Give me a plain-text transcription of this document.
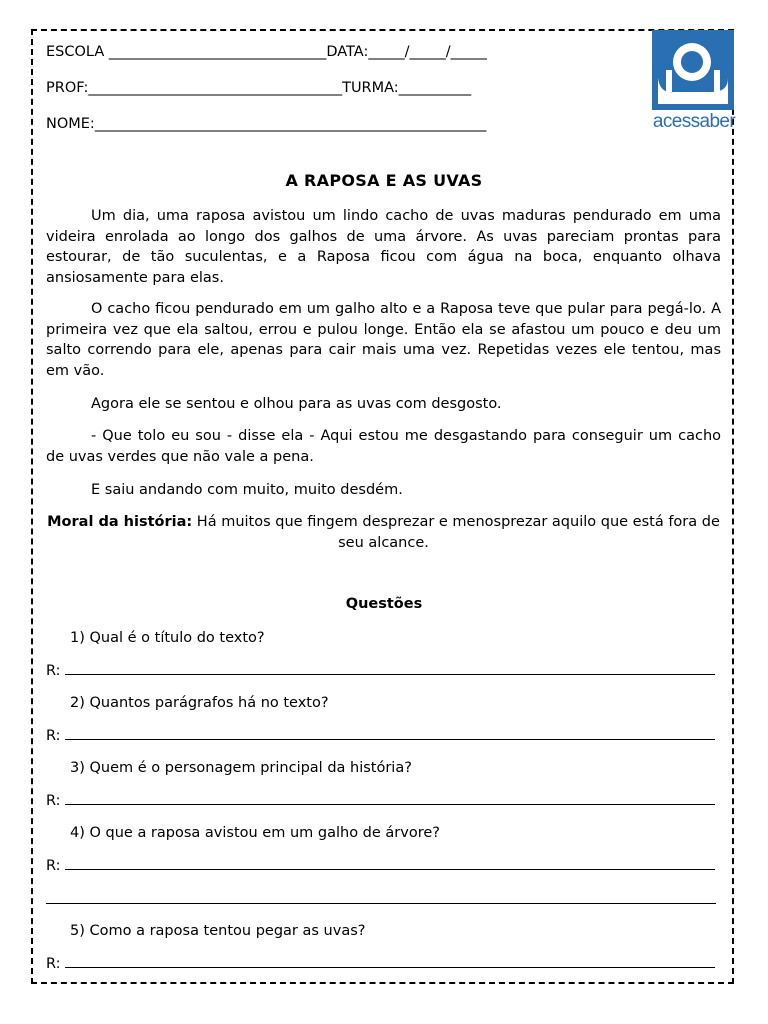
ESCOLA ______________________________DATA:_____/_____/_____
PROF:___________________________________TURMA:__________
NOME:______________________________________________________	acessaber
A RAPOSA E AS UVAS

Um dia, uma raposa avistou um lindo cacho de uvas maduras pendurado em uma videira enrolada ao longo dos galhos de uma árvore. As uvas pareciam prontas para estourar, de tão suculentas, e a Raposa ficou com água na boca, enquanto olhava ansiosamente para elas.

O cacho ficou pendurado em um galho alto e a Raposa teve que pular para pegá-lo. A primeira vez que ela saltou, errou e pulou longe. Então ela se afastou um pouco e deu um salto correndo para ele, apenas para cair mais uma vez. Repetidas vezes ele tentou, mas em vão.

Agora ele se sentou e olhou para as uvas com desgosto.

- Que tolo eu sou - disse ela - Aqui estou me desgastando para conseguir um cacho de uvas verdes que não vale a pena.

E saiu andando com muito, muito desdém.

Moral da história: Há muitos que fingem desprezar e menosprezar aquilo que está fora de seu alcance.

Questões
1) Qual é o título do texto?
R:
2) Quantos parágrafos há no texto?
R:
3) Quem é o personagem principal da história?
R:
4) O que a raposa avistou em um galho de árvore?
R:
5) Como a raposa tentou pegar as uvas?
R:
